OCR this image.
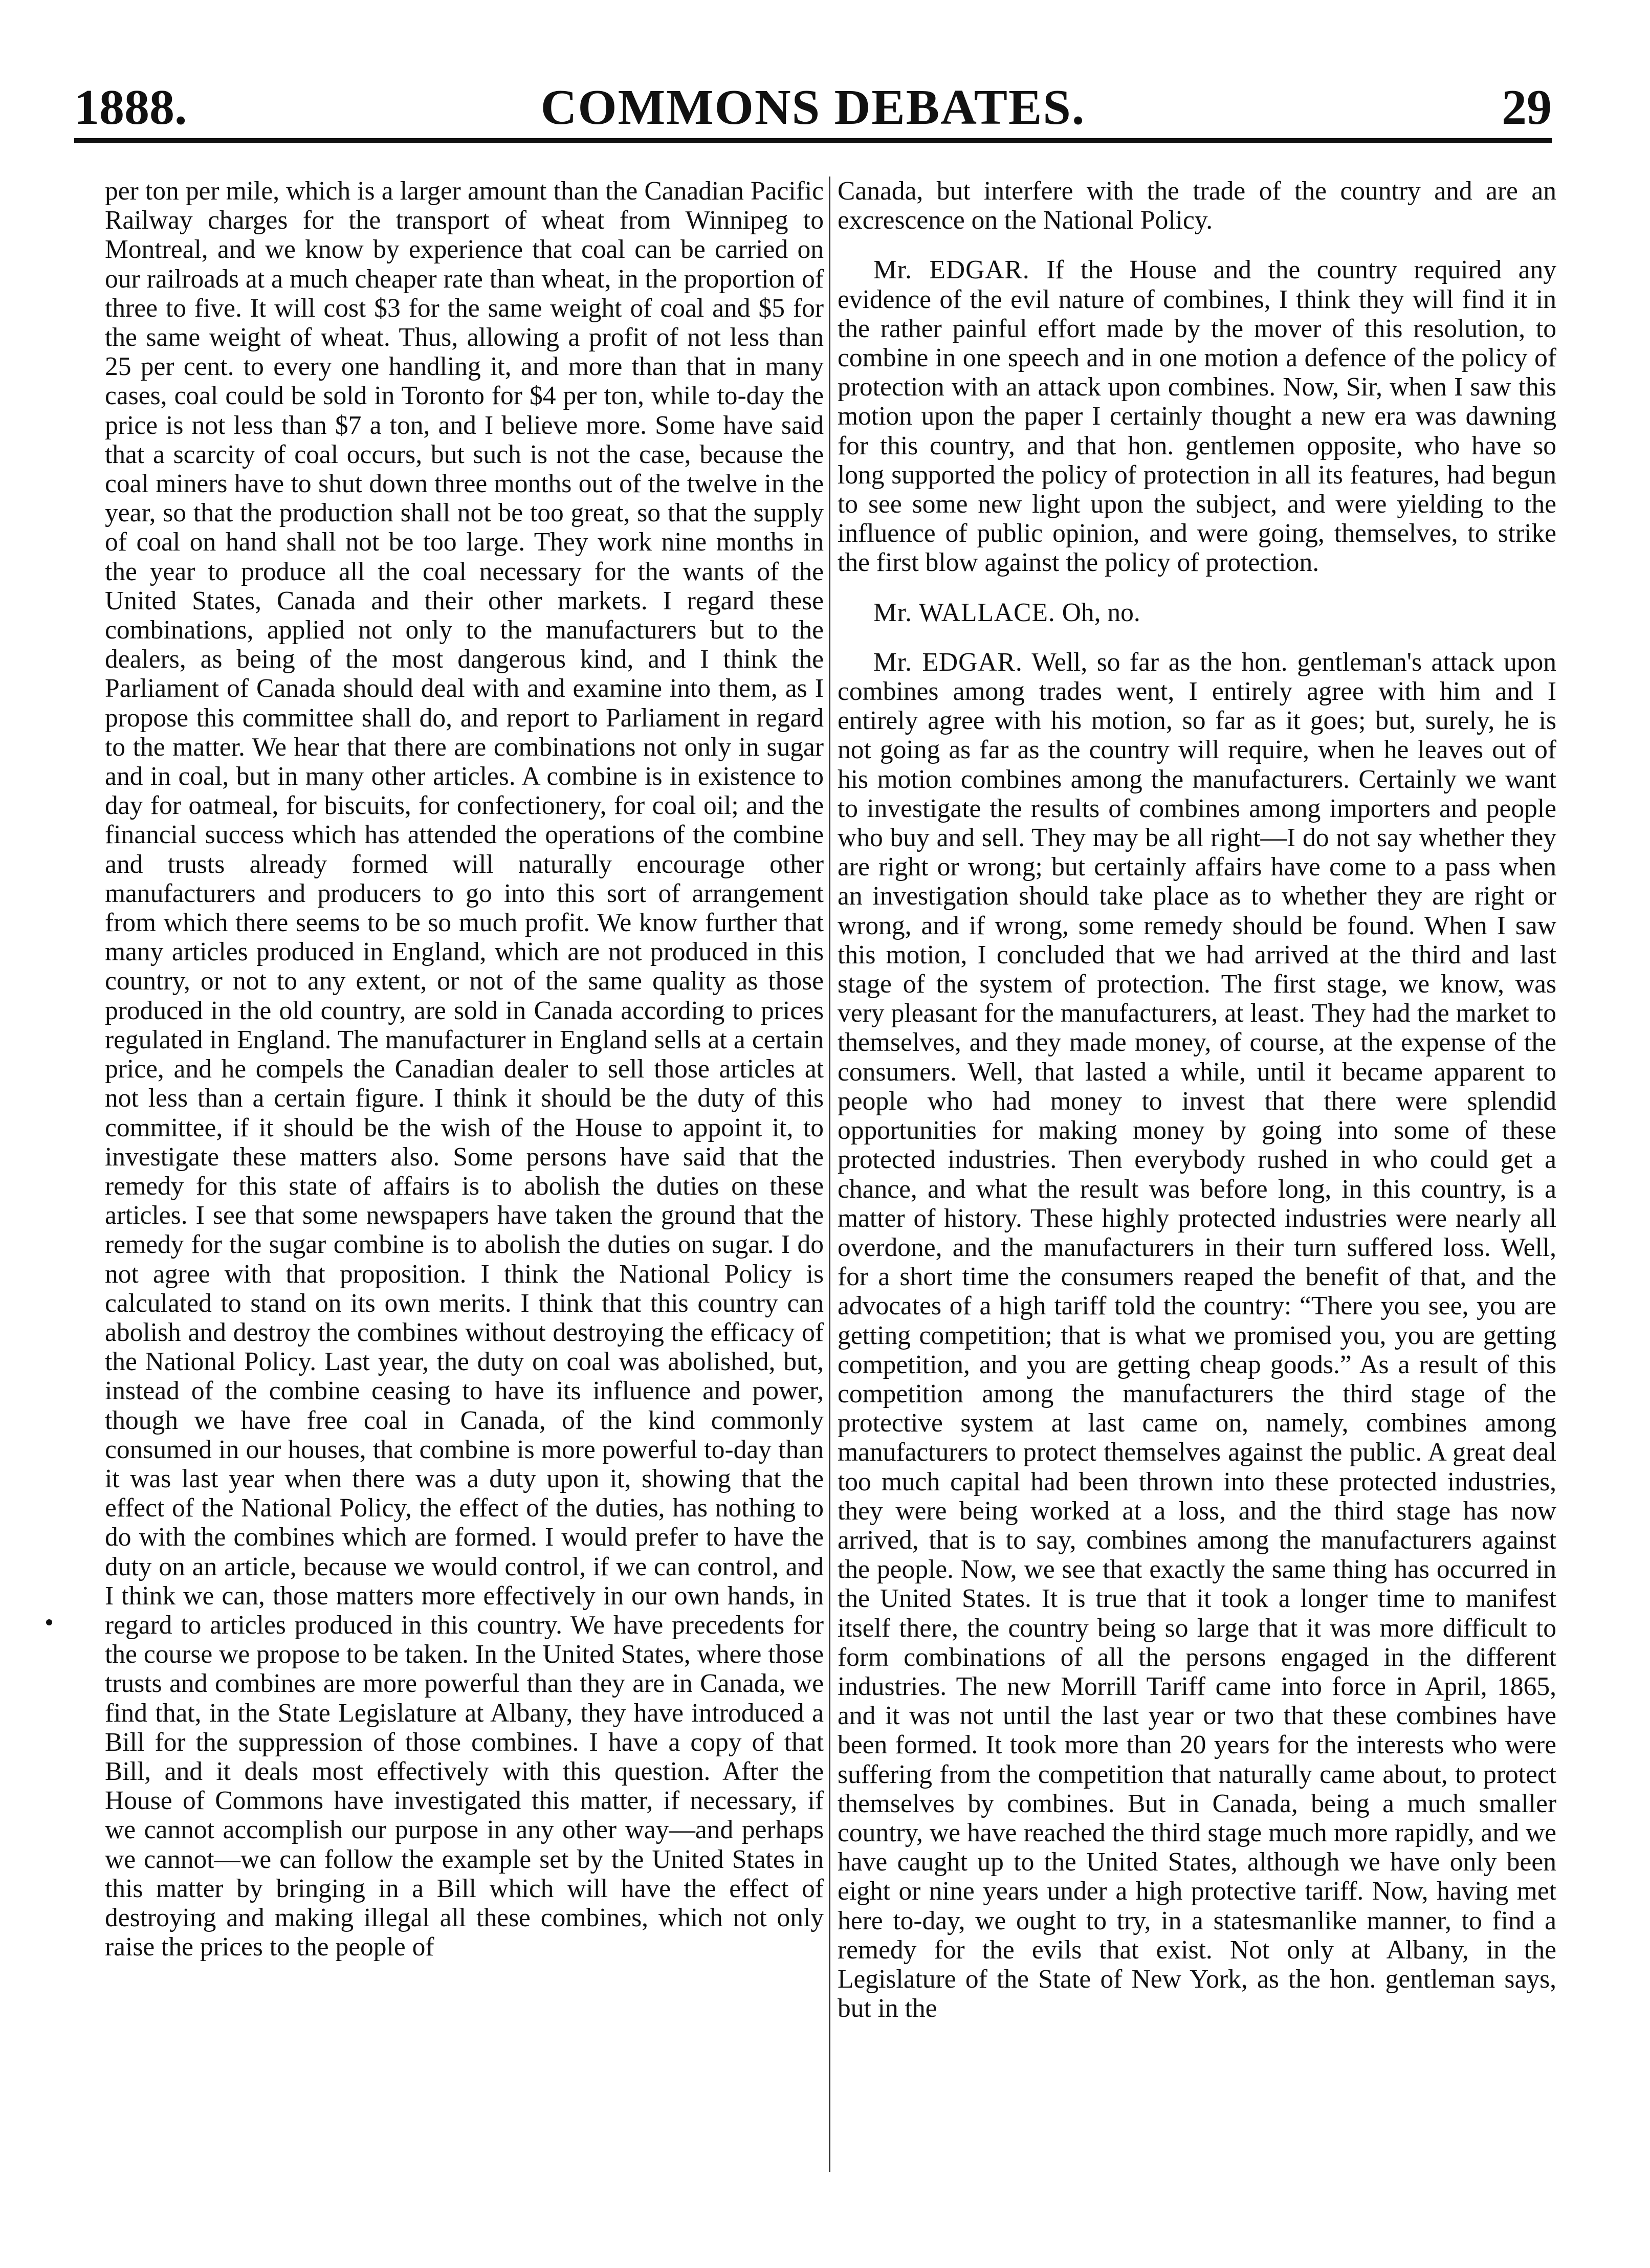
1888.	COMMONS DEBATES.	29

per ton per mile, which is a larger amount than the Canadian Pacific Railway charges for the transport of wheat from Winnipeg to Montreal, and we know by experience that coal can be carried on our railroads at a much cheaper rate than wheat, in the proportion of three to five. It will cost $3 for the same weight of coal and $5 for the same weight of wheat. Thus, allowing a profit of not less than 25 per cent. to every one handling it, and more than that in many cases, coal could be sold in Toronto for $4 per ton, while to-day the price is not less than $7 a ton, and I believe more. Some have said that a scarcity of coal occurs, but such is not the case, because the coal miners have to shut down three months out of the twelve in the year, so that the production shall not be too great, so that the supply of coal on hand shall not be too large. They work nine months in the year to produce all the coal necessary for the wants of the United States, Canada and their other markets. I regard these combinations, applied not only to the manufacturers but to the dealers, as being of the most dangerous kind, and I think the Parliament of Canada should deal with and examine into them, as I propose this committee shall do, and report to Parliament in regard to the matter. We hear that there are combinations not only in sugar and in coal, but in many other articles. A combine is in existence to day for oatmeal, for biscuits, for confectionery, for coal oil; and the financial success which has attended the operations of the combine and trusts already formed will naturally encourage other manufacturers and producers to go into this sort of arrangement from which there seems to be so much profit. We know further that many articles produced in England, which are not produced in this country, or not to any extent, or not of the same quality as those produced in the old country, are sold in Canada according to prices regulated in England. The manufacturer in England sells at a certain price, and he compels the Canadian dealer to sell those articles at not less than a certain figure. I think it should be the duty of this committee, if it should be the wish of the House to appoint it, to investigate these matters also. Some persons have said that the remedy for this state of affairs is to abolish the duties on these articles. I see that some newspapers have taken the ground that the remedy for the sugar combine is to abolish the duties on sugar. I do not agree with that proposition. I think the National Policy is calculated to stand on its own merits. I think that this country can abolish and destroy the combines without destroying the efficacy of the National Policy. Last year, the duty on coal was abolished, but, instead of the combine ceasing to have its influence and power, though we have free coal in Canada, of the kind commonly consumed in our houses, that combine is more powerful to-day than it was last year when there was a duty upon it, showing that the effect of the National Policy, the effect of the duties, has nothing to do with the combines which are formed. I would prefer to have the duty on an article, because we would control, if we can control, and I think we can, those matters more effectively in our own hands, in regard to articles produced in this country. We have precedents for the course we propose to be taken. In the United States, where those trusts and combines are more powerful than they are in Canada, we find that, in the State Legislature at Albany, they have introduced a Bill for the suppression of those combines. I have a copy of that Bill, and it deals most effectively with this question. After the House of Commons have investigated this matter, if necessary, if we cannot accomplish our purpose in any other way—and perhaps we cannot—we can follow the example set by the United States in this matter by bringing in a Bill which will have the effect of destroying and making illegal all these combines, which not only raise the prices to the people of

Canada, but interfere with the trade of the country and are an excrescence on the National Policy.

Mr. EDGAR. If the House and the country required any evidence of the evil nature of combines, I think they will find it in the rather painful effort made by the mover of this resolution, to combine in one speech and in one motion a defence of the policy of protection with an attack upon combines. Now, Sir, when I saw this motion upon the paper I certainly thought a new era was dawning for this country, and that hon. gentlemen opposite, who have so long supported the policy of protection in all its features, had begun to see some new light upon the subject, and were yielding to the influence of public opinion, and were going, themselves, to strike the first blow against the policy of protection.

Mr. WALLACE. Oh, no.

Mr. EDGAR. Well, so far as the hon. gentleman's attack upon combines among trades went, I entirely agree with him and I entirely agree with his motion, so far as it goes; but, surely, he is not going as far as the country will require, when he leaves out of his motion combines among the manufacturers. Certainly we want to investigate the results of combines among importers and people who buy and sell. They may be all right—I do not say whether they are right or wrong; but certainly affairs have come to a pass when an investigation should take place as to whether they are right or wrong, and if wrong, some remedy should be found. When I saw this motion, I concluded that we had arrived at the third and last stage of the system of protection. The first stage, we know, was very pleasant for the manufacturers, at least. They had the market to themselves, and they made money, of course, at the expense of the consumers. Well, that lasted a while, until it became apparent to people who had money to invest that there were splendid opportunities for making money by going into some of these protected industries. Then everybody rushed in who could get a chance, and what the result was before long, in this country, is a matter of history. These highly protected industries were nearly all overdone, and the manufacturers in their turn suffered loss. Well, for a short time the consumers reaped the benefit of that, and the advocates of a high tariff told the country: “There you see, you are getting competition; that is what we promised you, you are getting competition, and you are getting cheap goods.” As a result of this competition among the manufacturers the third stage of the protective system at last came on, namely, combines among manufacturers to protect themselves against the public. A great deal too much capital had been thrown into these protected industries, they were being worked at a loss, and the third stage has now arrived, that is to say, combines among the manufacturers against the people. Now, we see that exactly the same thing has occurred in the United States. It is true that it took a longer time to manifest itself there, the country being so large that it was more difficult to form combinations of all the persons engaged in the different industries. The new Morrill Tariff came into force in April, 1865, and it was not until the last year or two that these combines have been formed. It took more than 20 years for the interests who were suffering from the competition that naturally came about, to protect themselves by combines. But in Canada, being a much smaller country, we have reached the third stage much more rapidly, and we have caught up to the United States, although we have only been eight or nine years under a high protective tariff. Now, having met here to-day, we ought to try, in a statesmanlike manner, to find a remedy for the evils that exist. Not only at Albany, in the Legislature of the State of New York, as the hon. gentleman says, but in the
